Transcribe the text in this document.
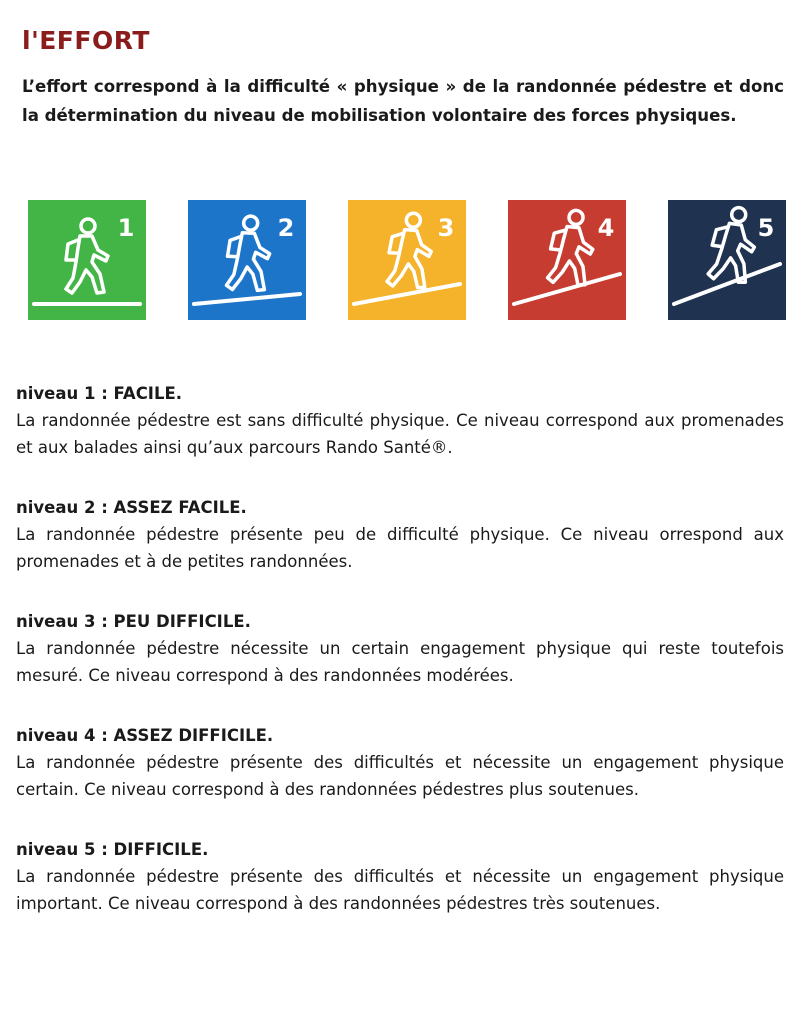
l'EFFORT
L’effort correspond à la difficulté « physique » de la randonnée pédestre et donc la détermination du niveau de mobilisation volontaire des forces physiques.
1	2	3	4	5
niveau 1 : FACILE.
La randonnée pédestre est sans difficulté physique. Ce niveau correspond aux promenades et aux balades ainsi qu’aux parcours Rando Santé®.
niveau 2 : ASSEZ FACILE.
La randonnée pédestre présente peu de difficulté physique. Ce niveau orrespond aux promenades et à de petites randonnées.
niveau 3 : PEU DIFFICILE.
La randonnée pédestre nécessite un certain engagement physique qui reste toutefois mesuré. Ce niveau correspond à des randonnées modérées.
niveau 4 : ASSEZ DIFFICILE.
La randonnée pédestre présente des difficultés et nécessite un engagement physique certain. Ce niveau correspond à des randonnées pédestres plus soutenues.
niveau 5 : DIFFICILE.
La randonnée pédestre présente des difficultés et nécessite un engagement physique important. Ce niveau correspond à des randonnées pédestres très soutenues.
